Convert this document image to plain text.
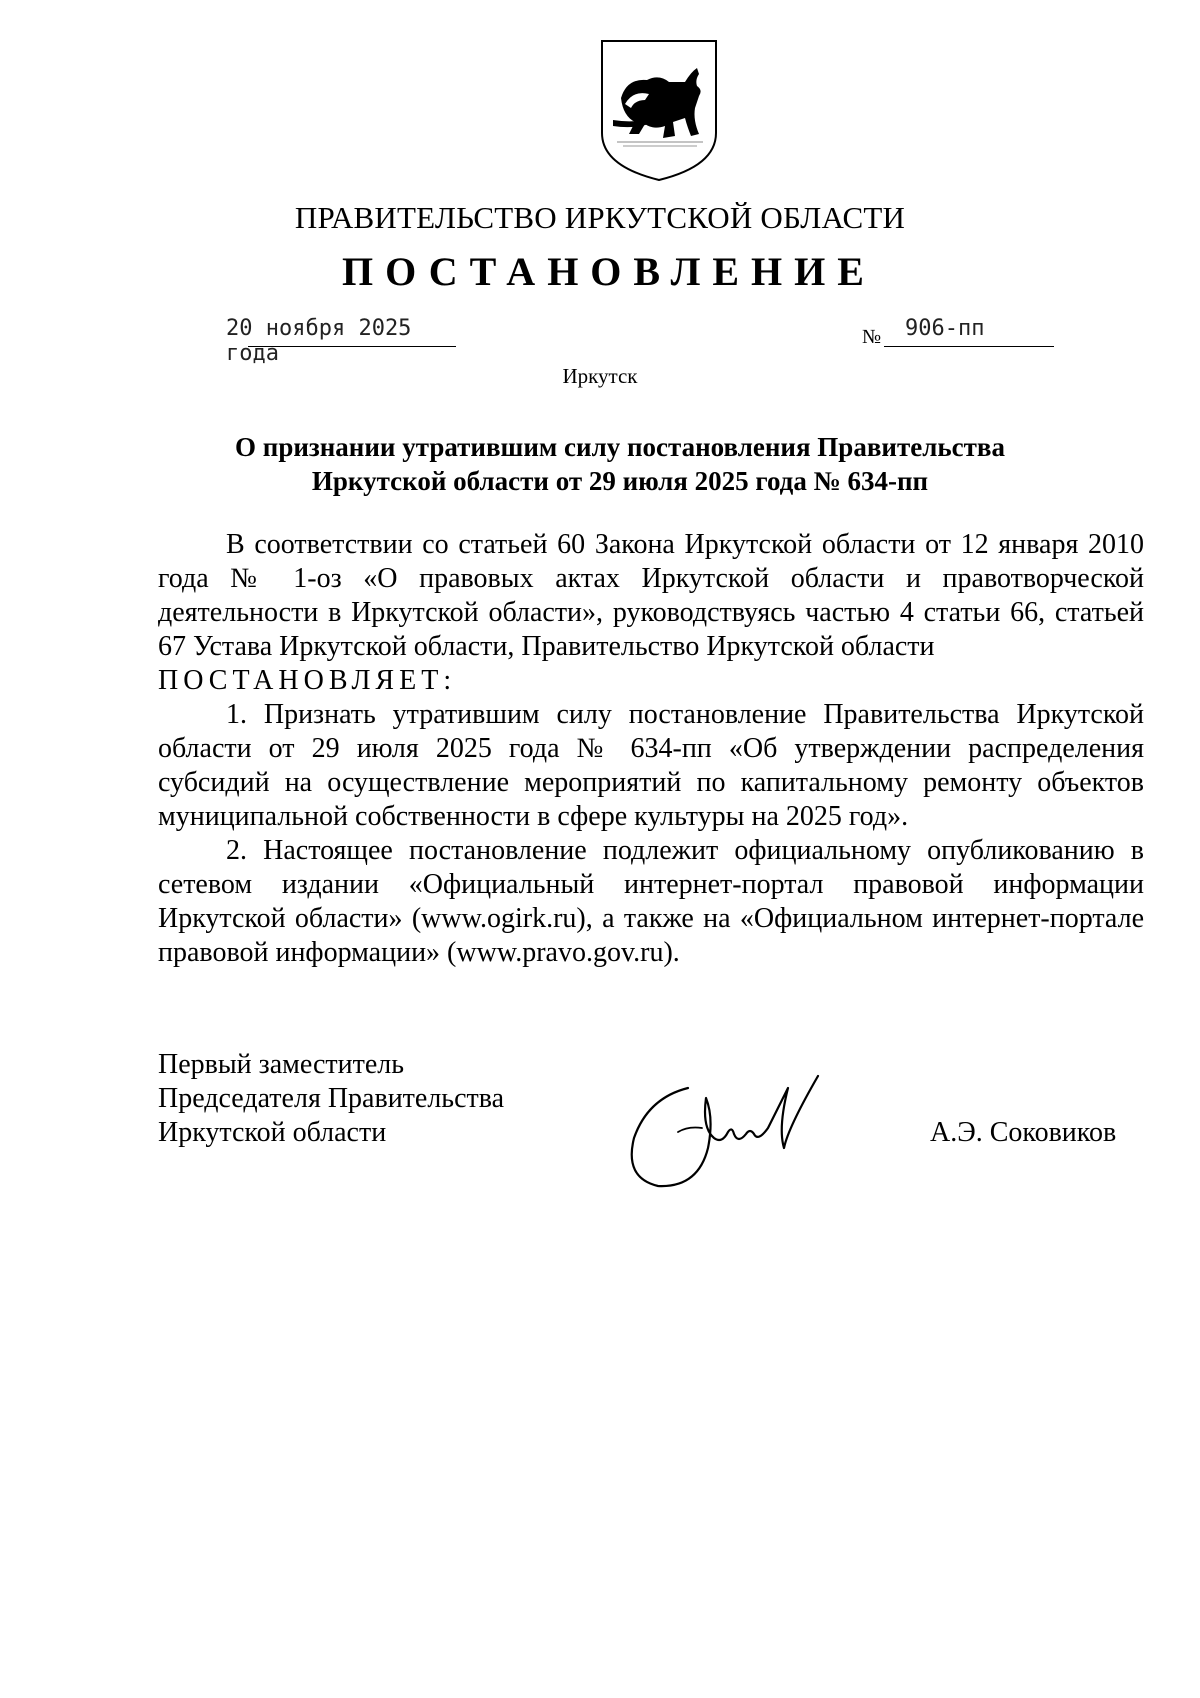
ПРАВИТЕЛЬСТВО ИРКУТСКОЙ ОБЛАСТИ
ПОСТАНОВЛЕНИЕ
20 ноября 2025 года
№ 906-пп
Иркутск
О признании утратившим силу постановления Правительства
Иркутской области от 29 июля 2025 года № 634-пп

В соответствии со статьей 60 Закона Иркутской области от 12 января 2010 года № 1-оз «О правовых актах Иркутской области и правотворческой деятельности в Иркутской области», руководствуясь частью 4 статьи 66, статьей 67 Устава Иркутской области, Правительство Иркутской области

ПОСТАНОВЛЯЕТ:

1. Признать утратившим силу постановление Правительства Иркутской области от 29 июля 2025 года № 634-пп «Об утверждении распределения субсидий на осуществление мероприятий по капитальному ремонту объектов муниципальной собственности в сфере культуры на 2025 год».

2. Настоящее постановление подлежит официальному опубликованию в сетевом издании «Официальный интернет-портал правовой информации Иркутской области» (www.ogirk.ru), а также на «Официальном интернет-портале правовой информации» (www.pravo.gov.ru).

Первый заместитель
Председателя Правительства
Иркутской области	А.Э. Соковиков
